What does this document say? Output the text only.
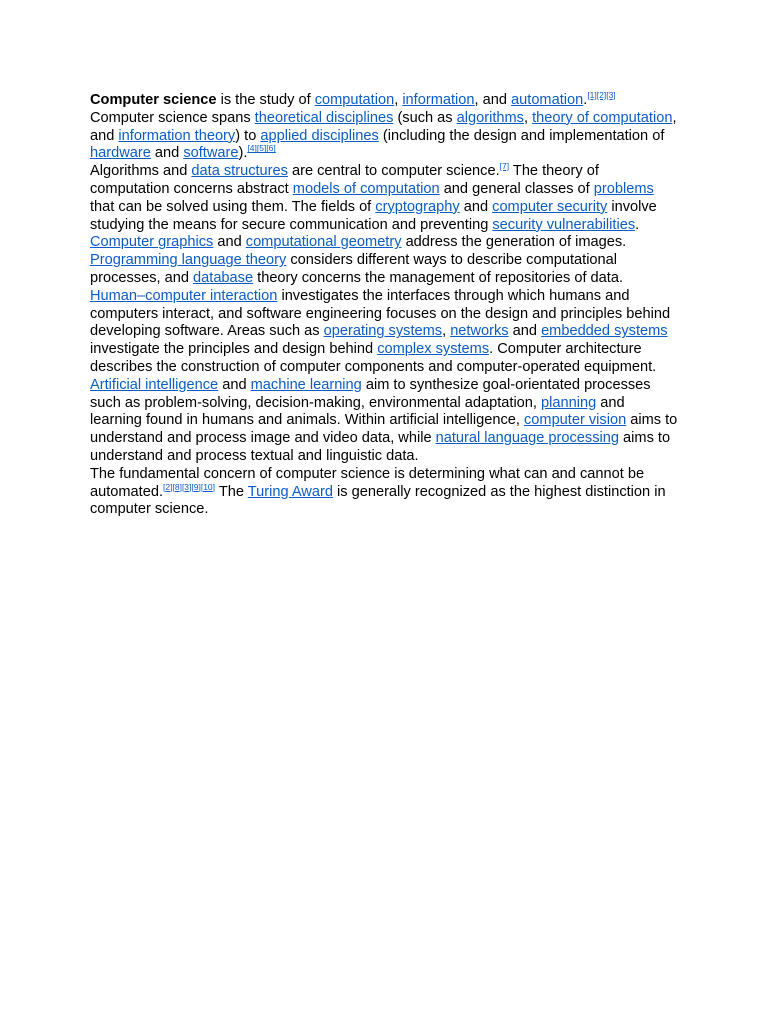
Computer science is the study of computation, information, and automation.[1][2][3] Computer science spans theoretical disciplines (such as algorithms, theory of computation, and information theory) to applied disciplines (including the design and implementation of hardware and software).[4][5][6]

Algorithms and data structures are central to computer science.[7] The theory of computation concerns abstract models of computation and general classes of problems that can be solved using them. The fields of cryptography and computer security involve studying the means for secure communication and preventing security vulnerabilities. Computer graphics and computational geometry address the generation of images. Programming language theory considers different ways to describe computational processes, and database theory concerns the management of repositories of data. Human–computer interaction investigates the interfaces through which humans and computers interact, and software engineering focuses on the design and principles behind developing software. Areas such as operating systems, networks and embedded systems investigate the principles and design behind complex systems. Computer architecture describes the construction of computer components and computer-operated equipment. Artificial intelligence and machine learning aim to synthesize goal-orientated processes such as problem-solving, decision-making, environmental adaptation, planning and learning found in humans and animals. Within artificial intelligence, computer vision aims to understand and process image and video data, while natural language processing aims to understand and process textual and linguistic data.

The fundamental concern of computer science is determining what can and cannot be automated.[2][8][3][9][10] The Turing Award is generally recognized as the highest distinction in computer science.
